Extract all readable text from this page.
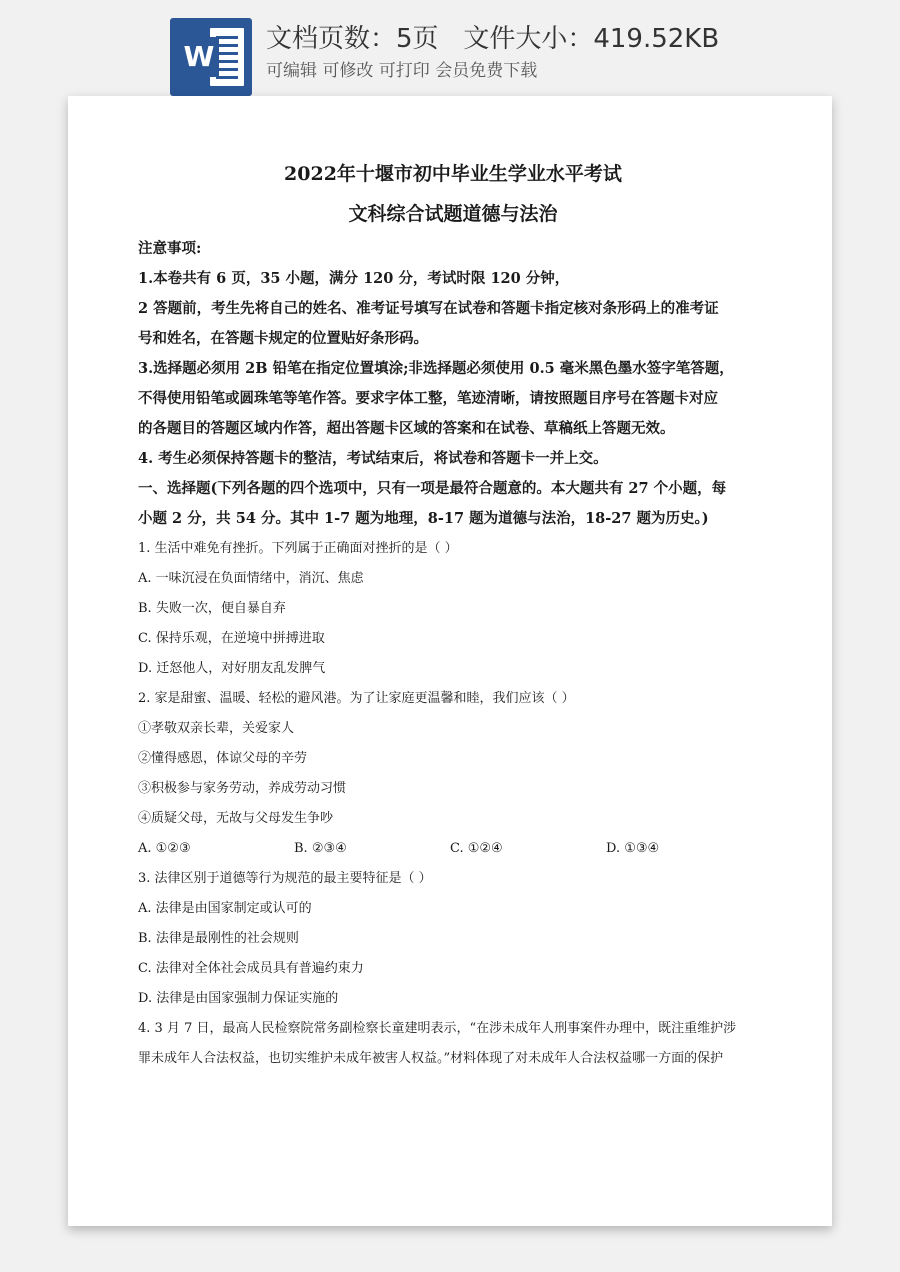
W
文档页数：5页   文件大小：419.52KB
可编辑 可修改 可打印 会员免费下载
2022年十堰市初中毕业生学业水平考试
文科综合试题道德与法治
注意事项:
1.本卷共有 6 页，35 小题，满分 120 分，考试时限 120 分钟，
2 答题前，考生先将自己的姓名、准考证号填写在试卷和答题卡指定核对条形码上的准考证
号和姓名，在答题卡规定的位置贴好条形码。
3.选择题必须用 2B 铅笔在指定位置填涂;非选择题必须使用 0.5 毫米黑色墨水签字笔答题，
不得使用铅笔或圆珠笔等笔作答。要求字体工整，笔迹清晰，请按照题目序号在答题卡对应
的各题目的答题区域内作答，超出答题卡区域的答案和在试卷、草稿纸上答题无效。
4. 考生必须保持答题卡的整洁，考试结束后，将试卷和答题卡一并上交。
一、选择题(下列各题的四个选项中，只有一项是最符合题意的。本大题共有 27 个小题，每
小题 2 分，共 54 分。其中 1-7 题为地理，8-17 题为道德与法治，18-27 题为历史。)
1. 生活中难免有挫折。下列属于正确面对挫折的是（ ）
A. 一味沉浸在负面情绪中，消沉、焦虑
B. 失败一次，便自暴自弃
C. 保持乐观，在逆境中拼搏进取
D. 迁怒他人，对好朋友乱发脾气
2. 家是甜蜜、温暖、轻松的避风港。为了让家庭更温馨和睦，我们应该（ ）
①孝敬双亲长辈，关爱家人
②懂得感恩，体谅父母的辛劳
③积极参与家务劳动，养成劳动习惯
④质疑父母，无故与父母发生争吵
A. ①②③	B. ②③④	C. ①②④	D. ①③④
3. 法律区别于道德等行为规范的最主要特征是（ ）
A. 法律是由国家制定或认可的
B. 法律是最刚性的社会规则
C. 法律对全体社会成员具有普遍约束力
D. 法律是由国家强制力保证实施的
4. 3 月 7 日，最高人民检察院常务副检察长童建明表示，“在涉未成年人刑事案件办理中，既注重维护涉
罪未成年人合法权益，也切实维护未成年被害人权益。”材料体现了对未成年人合法权益哪一方面的保护
